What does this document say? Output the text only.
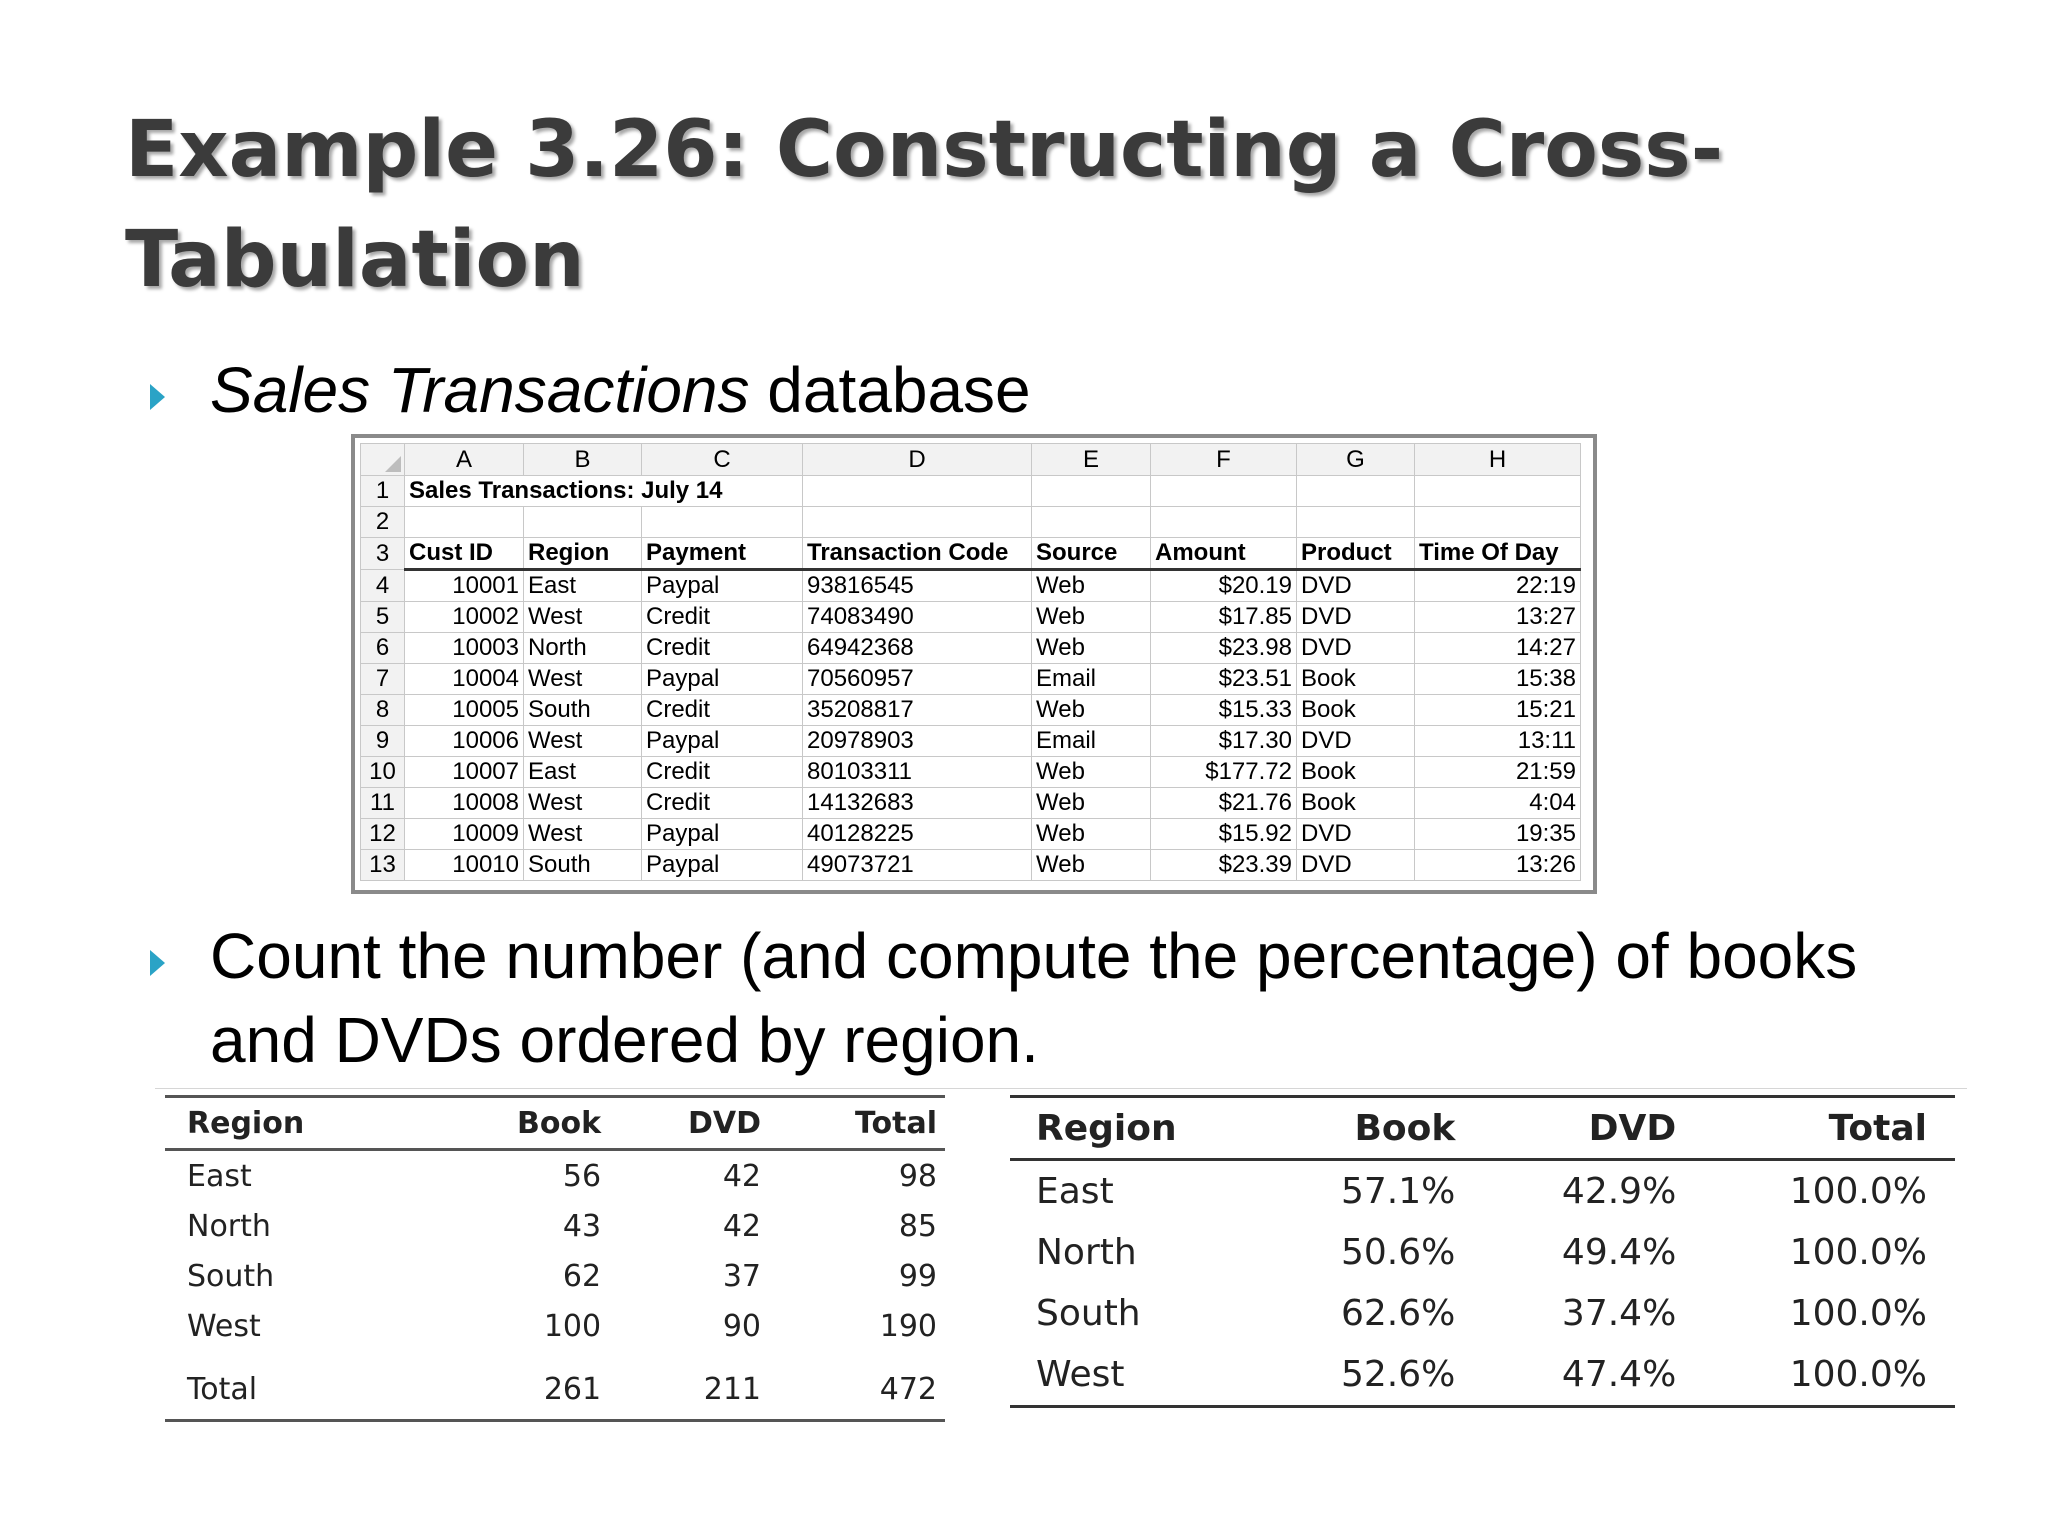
Example 3.26: Constructing a Cross-Tabulation
Sales Transactions database
	A	B	C	D	E	F	G	H
1	Sales Transactions: July 14							
2								
3	Cust ID	Region	Payment	Transaction Code	Source	Amount	Product	Time Of Day
4	10001	East	Paypal	93816545	Web	$20.19	DVD	22:19
5	10002	West	Credit	74083490	Web	$17.85	DVD	13:27
6	10003	North	Credit	64942368	Web	$23.98	DVD	14:27
7	10004	West	Paypal	70560957	Email	$23.51	Book	15:38
8	10005	South	Credit	35208817	Web	$15.33	Book	15:21
9	10006	West	Paypal	20978903	Email	$17.30	DVD	13:11
10	10007	East	Credit	80103311	Web	$177.72	Book	21:59
11	10008	West	Credit	14132683	Web	$21.76	Book	4:04
12	10009	West	Paypal	40128225	Web	$15.92	DVD	19:35
13	10010	South	Paypal	49073721	Web	$23.39	DVD	13:26
Count the number (and compute the percentage) of books and DVDs ordered by region.
Region	Book	DVD	Total
East	56	42	98
North	43	42	85
South	62	37	99
West	100	90	190
Total	261	211	472
Region	Book	DVD	Total
East	57.1%	42.9%	100.0%
North	50.6%	49.4%	100.0%
South	62.6%	37.4%	100.0%
West	52.6%	47.4%	100.0%
